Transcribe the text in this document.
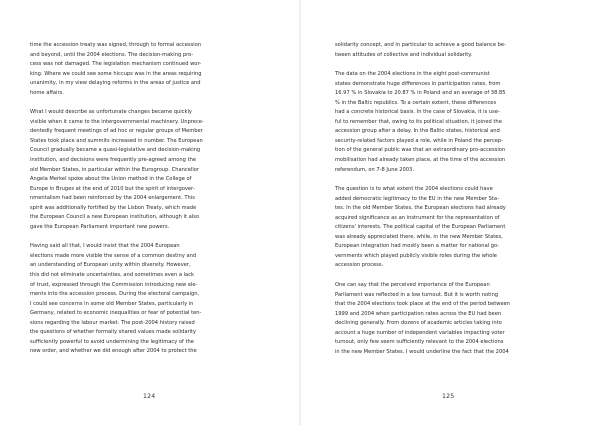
time the accession treaty was signed, through to formal accession
and beyond, until the 2004 elections. The decision-making pro-
cess was not damaged. The legislation mechanism continued wor-
king. Where we could see some hiccups was in the areas requiring
unanimity, in my view delaying reforms in the areas of justice and
home affairs.
What I would describe as unfortunate changes became quickly
visible when it came to the intergovernmental machinery. Unprece-
dentedly frequent meetings of ad hoc or regular groups of Member
States took place and summits increased in number. The European
Council gradually became a quasi-legislative and decision-making
institution, and decisions were frequently pre-agreed among the
old Member States, in particular within the Eurogroup. Chancellor
Angela Merkel spoke about the Union method in the College of
Europe in Bruges at the end of 2010 but the spirit of intergover-
nmentalism had been reinforced by the 2004 enlargement. This
spirit was additionally fortified by the Lisbon Treaty, which made
the European Council a new European institution, although it also
gave the European Parliament important new powers.
Having said all that, I would insist that the 2004 European
elections made more visible the sense of a common destiny and
an understanding of European unity within diversity. However,
this did not eliminate uncertainties, and sometimes even a lack
of trust, expressed through the Commission introducing new ele-
ments into the accession process. During the electoral campaign,
I could see concerns in some old Member States, particularly in
Germany, related to economic inequalities or fear of potential ten-
sions regarding the labour market. The post-2004 history raised
the questions of whether formally shared values made solidarity
sufficiently powerful to avoid undermining the legitimacy of the
new order, and whether we did enough after 2004 to protect the
124
solidarity concept, and in particular to achieve a good balance be-
tween attitudes of collective and individual solidarity.
The data on the 2004 elections in the eight post-communist
states demonstrate huge differences in participation rates, from
16.97 % in Slovakia to 20.87 % in Poland and an average of 38.85
% in the Baltic republics. To a certain extent, these differences
had a concrete historical basis. In the case of Slovakia, it is use-
ful to remember that, owing to its political situation, it joined the
accession group after a delay. In the Baltic states, historical and
security-related factors played a role, while in Poland the percep-
tion of the general public was that an extraordinary pro-accession
mobilisation had already taken place, at the time of the accession
referendum, on 7-8 June 2003.
The question is to what extent the 2004 elections could have
added democratic legitimacy to the EU in the new Member Sta-
tes. In the old Member States, the European elections had already
acquired significance as an instrument for the representation of
citizens' interests. The political capital of the European Parliament
was already appreciated there, while, in the new Member States,
European integration had mostly been a matter for national go-
vernments which played publicly visible roles during the whole
accession process.
One can say that the perceived importance of the European
Parliament was reflected in a low turnout. But it is worth noting
that the 2004 elections took place at the end of the period between
1999 and 2004 when participation rates across the EU had been
declining generally. From dozens of academic articles taking into
account a huge number of independent variables impacting voter
turnout, only few seem sufficiently relevant to the 2004 elections
in the new Member States. I would underline the fact that the 2004
125
